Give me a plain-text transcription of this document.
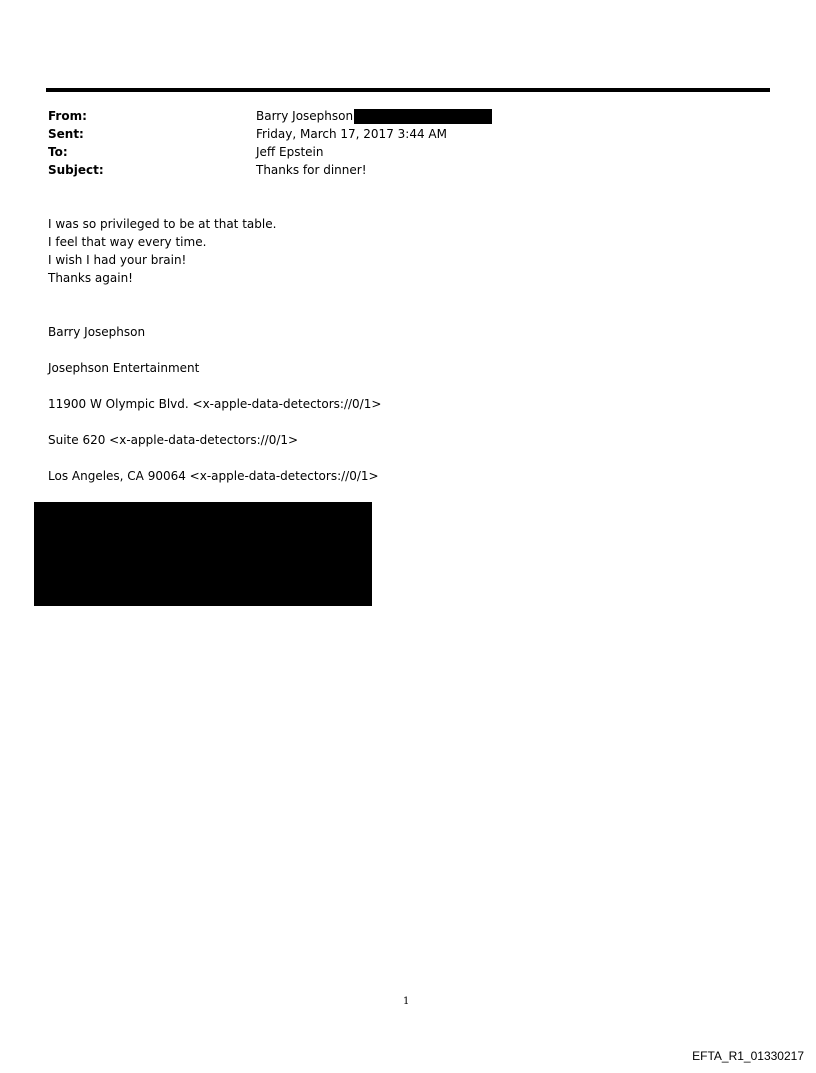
From:	Barry Josephson
Sent:	Friday, March 17, 2017 3:44 AM
To:	Jeff Epstein
Subject:	Thanks for dinner!
I was so privileged to be at that table.
I feel that way every time.
I wish I had your brain!
Thanks again!
Barry Josephson
Josephson Entertainment
11900 W Olympic Blvd. <x-apple-data-detectors://0/1>
Suite 620 <x-apple-data-detectors://0/1>
Los Angeles, CA 90064 <x-apple-data-detectors://0/1>
1
EFTA_R1_01330217
